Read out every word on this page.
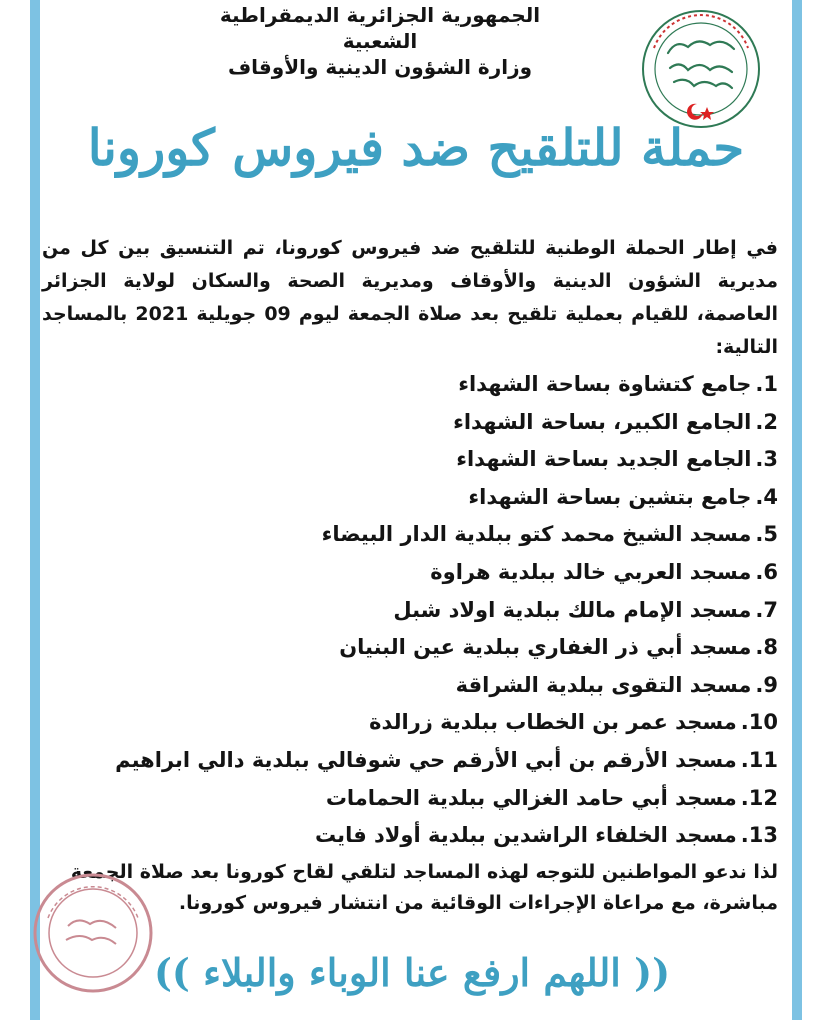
الجمهورية الجزائرية الديمقراطية الشعبية
وزارة الشؤون الدينية والأوقاف
حملة للتلقيح ضد فيروس كورونا

في إطار الحملة الوطنية للتلقيح ضد فيروس كورونا، تم التنسيق بين كل من مديرية الشؤون الدينية والأوقاف ومديرية الصحة والسكان لولاية الجزائر العاصمة، للقيام بعملية تلقيح بعد صلاة الجمعة ليوم 09 جويلية 2021 بالمساجد التالية:

1.جامع كتشاوة بساحة الشهداء
2.الجامع الكبير، بساحة الشهداء
3.الجامع الجديد بساحة الشهداء
4.جامع بتشين بساحة الشهداء
5.مسجد الشيخ محمد كتو ببلدية الدار البيضاء
6.مسجد العربي خالد ببلدية هراوة
7.مسجد الإمام مالك ببلدية اولاد شبل
8.مسجد أبي ذر الغفاري ببلدية عين البنيان
9.مسجد التقوى ببلدية الشراقة
10.مسجد عمر بن الخطاب ببلدية زرالدة
11.مسجد الأرقم بن أبي الأرقم حي شوفالي ببلدية دالي ابراهيم
12.مسجد أبي حامد الغزالي ببلدية الحمامات
13.مسجد الخلفاء الراشدين ببلدية أولاد فايت

لذا ندعو المواطنين للتوجه لهذه المساجد لتلقي لقاح كورونا بعد صلاة الجمعة مباشرة، مع مراعاة الإجراءات الوقائية من انتشار فيروس كورونا.

(( اللهم ارفع عنا الوباء والبلاء ))
